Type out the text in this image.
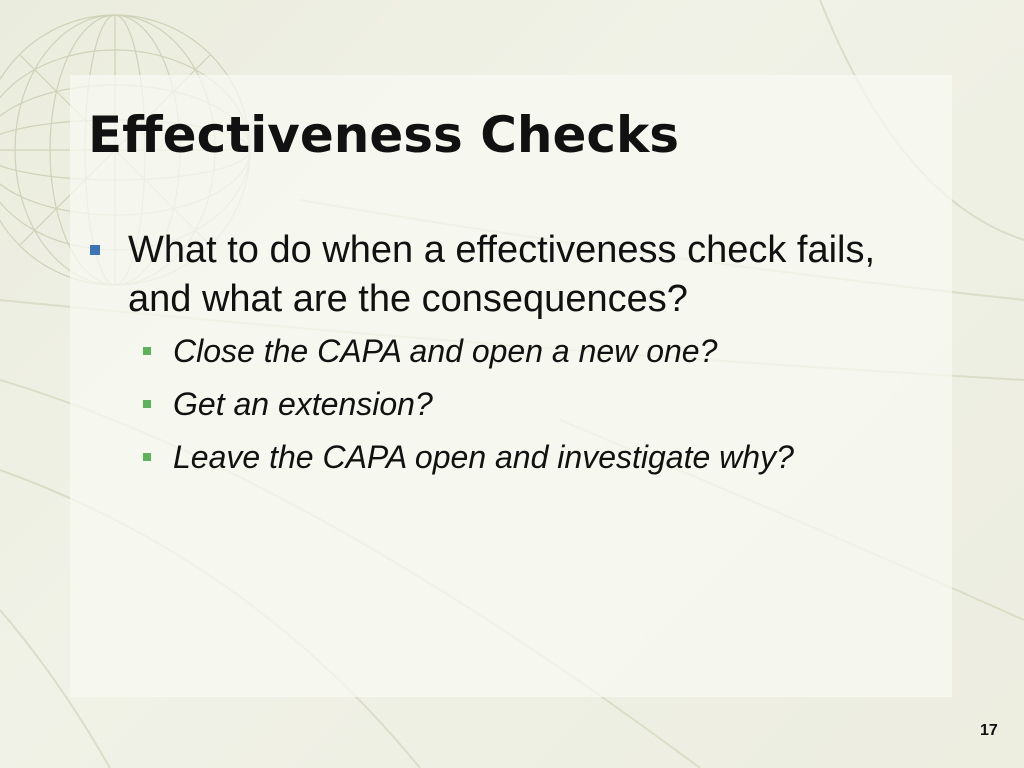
Effectiveness Checks
What to do when a effectiveness check fails, and what are the consequences?
Close the CAPA and open a new one?
Get an extension?
Leave the CAPA open and investigate why?
17
